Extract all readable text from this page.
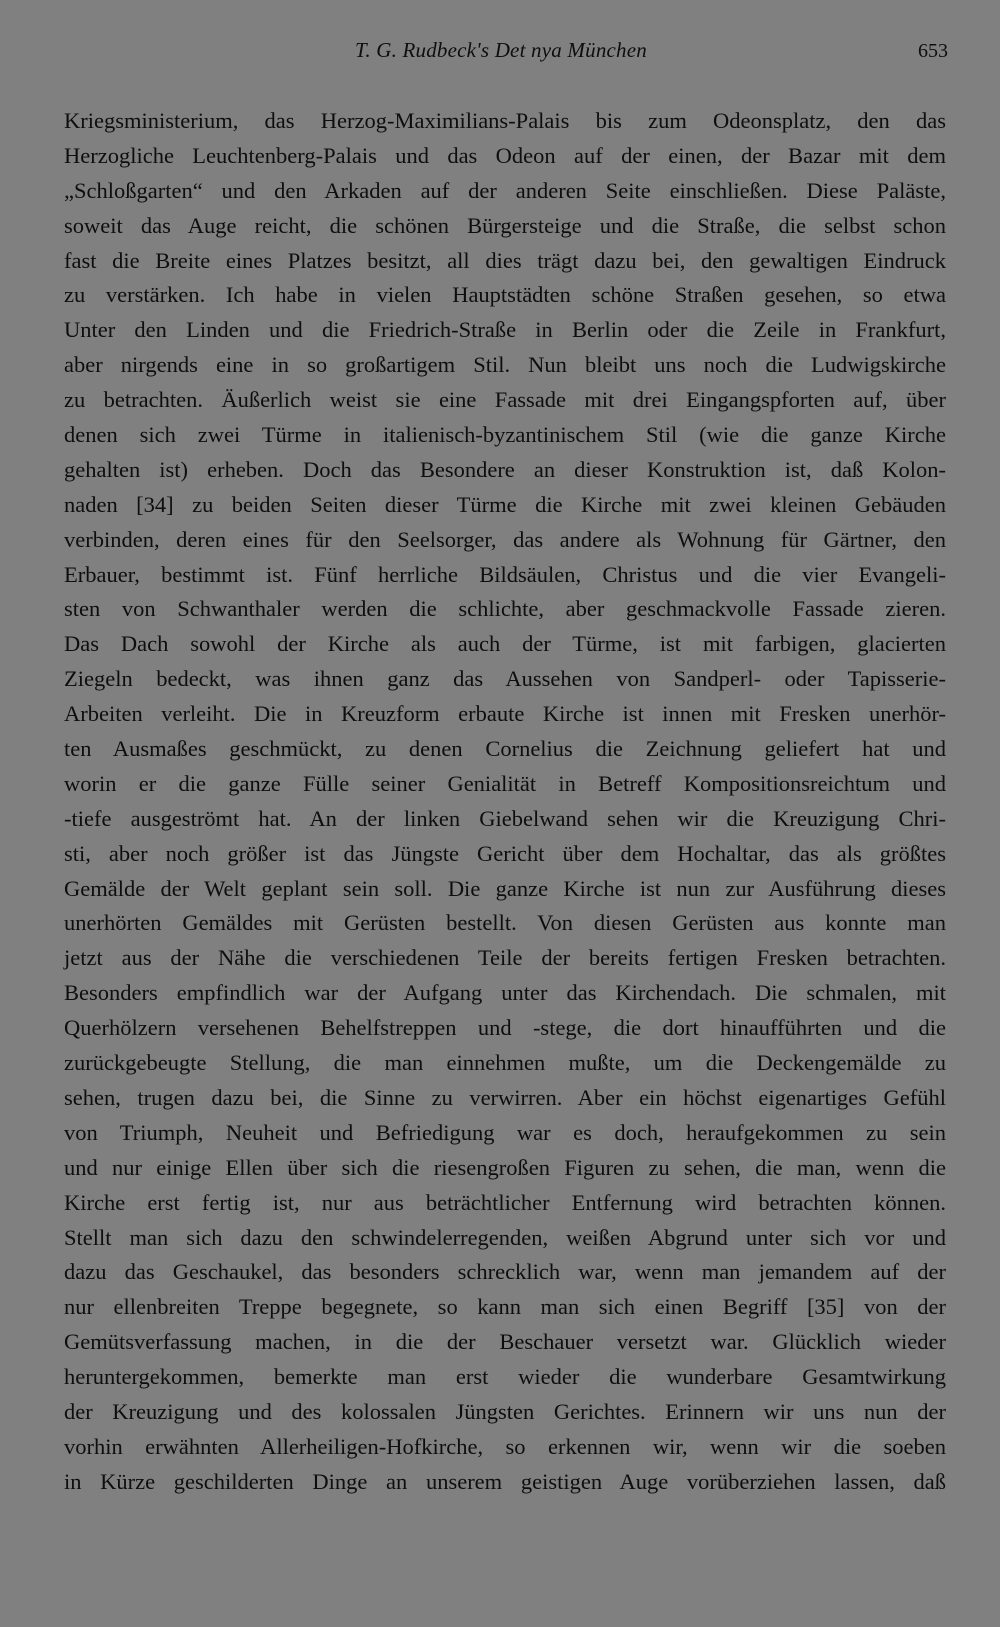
T. G. Rudbeck's Det nya München	653
Kriegsministerium, das Herzog-Maximilians-Palais bis zum Odeonsplatz, den das
Herzogliche Leuchtenberg-Palais und das Odeon auf der einen, der Bazar mit dem
„Schloßgarten“ und den Arkaden auf der anderen Seite einschließen. Diese Paläste,
soweit das Auge reicht, die schönen Bürgersteige und die Straße, die selbst schon
fast die Breite eines Platzes besitzt, all dies trägt dazu bei, den gewaltigen Eindruck
zu verstärken. Ich habe in vielen Hauptstädten schöne Straßen gesehen, so etwa
Unter den Linden und die Friedrich-Straße in Berlin oder die Zeile in Frankfurt,
aber nirgends eine in so großartigem Stil. Nun bleibt uns noch die Ludwigskirche
zu betrachten. Äußerlich weist sie eine Fassade mit drei Eingangspforten auf, über
denen sich zwei Türme in italienisch-byzantinischem Stil (wie die ganze Kirche
gehalten ist) erheben. Doch das Besondere an dieser Konstruktion ist, daß Kolon-
naden [34] zu beiden Seiten dieser Türme die Kirche mit zwei kleinen Gebäuden
verbinden, deren eines für den Seelsorger, das andere als Wohnung für Gärtner, den
Erbauer, bestimmt ist. Fünf herrliche Bildsäulen, Christus und die vier Evangeli-
sten von Schwanthaler werden die schlichte, aber geschmackvolle Fassade zieren.
Das Dach sowohl der Kirche als auch der Türme, ist mit farbigen, glacierten
Ziegeln bedeckt, was ihnen ganz das Aussehen von Sandperl- oder Tapisserie-
Arbeiten verleiht. Die in Kreuzform erbaute Kirche ist innen mit Fresken unerhör-
ten Ausmaßes geschmückt, zu denen Cornelius die Zeichnung geliefert hat und
worin er die ganze Fülle seiner Genialität in Betreff Kompositionsreichtum und
-tiefe ausgeströmt hat. An der linken Giebelwand sehen wir die Kreuzigung Chri-
sti, aber noch größer ist das Jüngste Gericht über dem Hochaltar, das als größtes
Gemälde der Welt geplant sein soll. Die ganze Kirche ist nun zur Ausführung dieses
unerhörten Gemäldes mit Gerüsten bestellt. Von diesen Gerüsten aus konnte man
jetzt aus der Nähe die verschiedenen Teile der bereits fertigen Fresken betrachten.
Besonders empfindlich war der Aufgang unter das Kirchendach. Die schmalen, mit
Querhölzern versehenen Behelfstreppen und -stege, die dort hinaufführten und die
zurückgebeugte Stellung, die man einnehmen mußte, um die Deckengemälde zu
sehen, trugen dazu bei, die Sinne zu verwirren. Aber ein höchst eigenartiges Gefühl
von Triumph, Neuheit und Befriedigung war es doch, heraufgekommen zu sein
und nur einige Ellen über sich die riesengroßen Figuren zu sehen, die man, wenn die
Kirche erst fertig ist, nur aus beträchtlicher Entfernung wird betrachten können.
Stellt man sich dazu den schwindelerregenden, weißen Abgrund unter sich vor und
dazu das Geschaukel, das besonders schrecklich war, wenn man jemandem auf der
nur ellenbreiten Treppe begegnete, so kann man sich einen Begriff [35] von der
Gemütsverfassung machen, in die der Beschauer versetzt war. Glücklich wieder
heruntergekommen, bemerkte man erst wieder die wunderbare Gesamtwirkung
der Kreuzigung und des kolossalen Jüngsten Gerichtes. Erinnern wir uns nun der
vorhin erwähnten Allerheiligen-Hofkirche, so erkennen wir, wenn wir die soeben
in Kürze geschilderten Dinge an unserem geistigen Auge vorüberziehen lassen, daß
